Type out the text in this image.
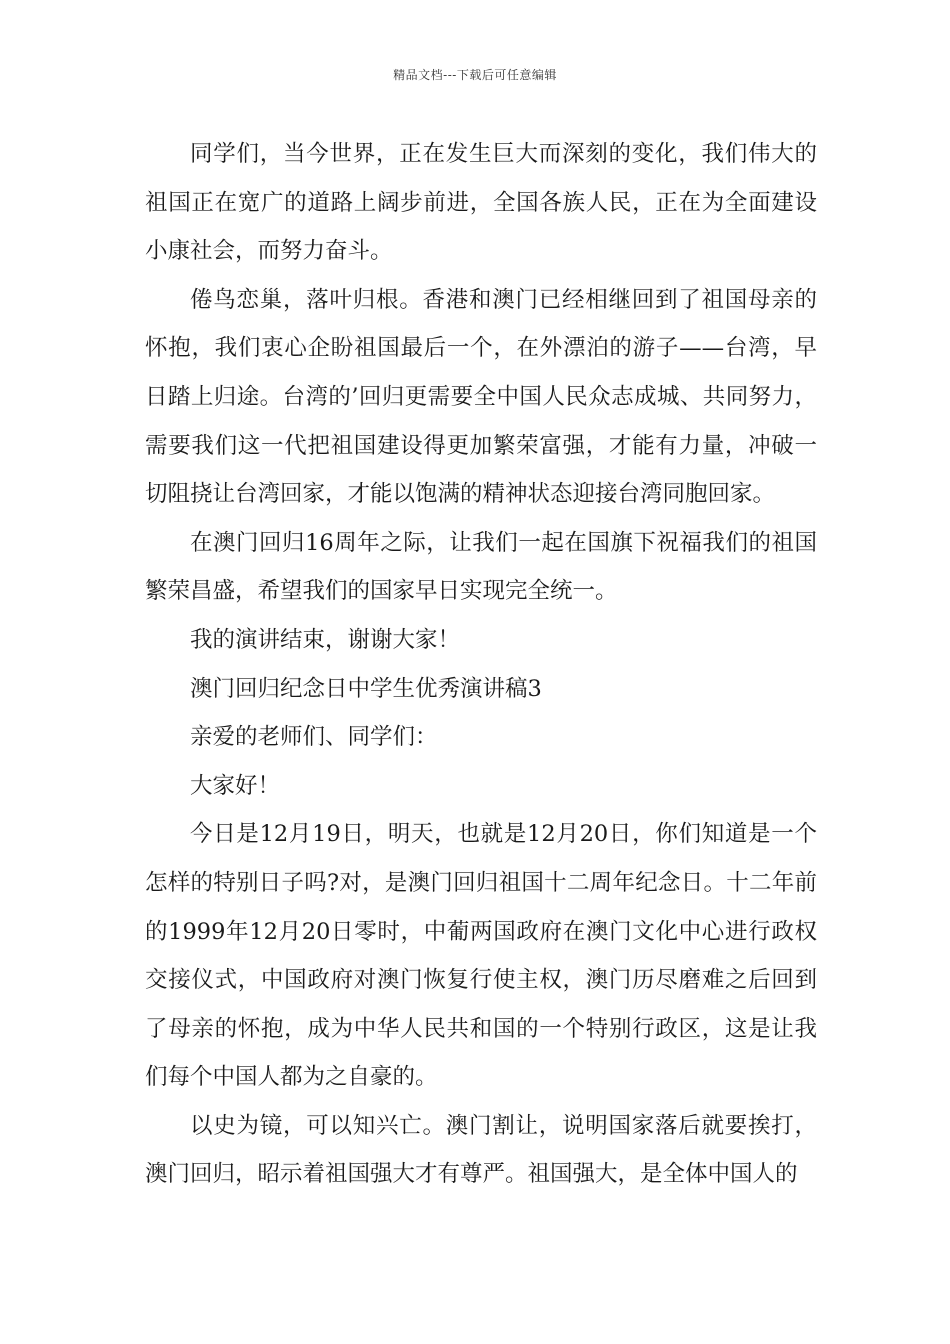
精品文档---下载后可任意编辑

同学们，当今世界，正在发生巨大而深刻的变化，我们伟大的祖国正在宽广的道路上阔步前进，全国各族人民，正在为全面建设小康社会，而努力奋斗。

倦鸟恋巢，落叶归根。香港和澳门已经相继回到了祖国母亲的怀抱，我们衷心企盼祖国最后一个，在外漂泊的游子——台湾，早日踏上归途。台湾的’回归更需要全中国人民众志成城、共同努力，需要我们这一代把祖国建设得更加繁荣富强，才能有力量，冲破一切阻挠让台湾回家，才能以饱满的精神状态迎接台湾同胞回家。

在澳门回归16周年之际，让我们一起在国旗下祝福我们的祖国繁荣昌盛，希望我们的国家早日实现完全统一。

我的演讲结束，谢谢大家！

澳门回归纪念日中学生优秀演讲稿3

亲爱的老师们、同学们：

大家好！

今日是12月19日，明天，也就是12月20日，你们知道是一个怎样的特别日子吗?对，是澳门回归祖国十二周年纪念日。十二年前的1999年12月20日零时，中葡两国政府在澳门文化中心进行政权交接仪式，中国政府对澳门恢复行使主权，澳门历尽磨难之后回到了母亲的怀抱，成为中华人民共和国的一个特别行政区，这是让我们每个中国人都为之自豪的。

以史为镜，可以知兴亡。澳门割让，说明国家落后就要挨打，澳门回归，昭示着祖国强大才有尊严。祖国强大，是全体中国人的
